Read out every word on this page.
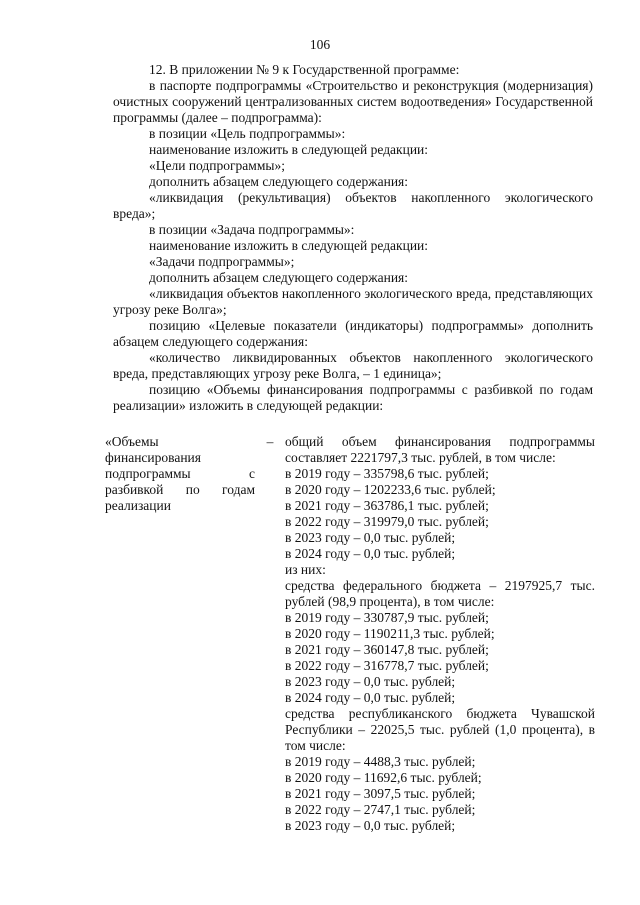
106

12. В приложении № 9 к Государственной программе:

в паспорте подпрограммы «Строительство и реконструкция (модернизация) очистных сооружений централизованных систем водоотведения» Государственной программы (далее – подпрограмма):

в позиции «Цель подпрограммы»:

наименование изложить в следующей редакции:

«Цели подпрограммы»;

дополнить абзацем следующего содержания:

«ликвидация (рекультивация) объектов накопленного экологического вреда»;

в позиции «Задача подпрограммы»:

наименование изложить в следующей редакции:

«Задачи подпрограммы»;

дополнить абзацем следующего содержания:

«ликвидация объектов накопленного экологического вреда, представляющих угрозу реке Волга»;

позицию «Целевые показатели (индикаторы) подпрограммы» дополнить абзацем следующего содержания:

«количество ликвидированных объектов накопленного экологического вреда, представляющих угрозу реке Волга, – 1 единица»;

позицию «Объемы финансирования подпрограммы с разбивкой по годам реализации» изложить в следующей редакции:

«Объемы финансирования подпрограммы с разбивкой по годам реализации
– общий объем финансирования подпрограммы составляет 2221797,3 тыс. рублей, в том числе:

в 2019 году – 335798,6 тыс. рублей;

в 2020 году – 1202233,6 тыс. рублей;

в 2021 году – 363786,1 тыс. рублей;

в 2022 году – 319979,0 тыс. рублей;

в 2023 году – 0,0 тыс. рублей;

в 2024 году – 0,0 тыс. рублей;

из них:

средства федерального бюджета – 2197925,7 тыс. рублей (98,9 процента), в том числе:

в 2019 году – 330787,9 тыс. рублей;

в 2020 году – 1190211,3 тыс. рублей;

в 2021 году – 360147,8 тыс. рублей;

в 2022 году – 316778,7 тыс. рублей;

в 2023 году – 0,0 тыс. рублей;

в 2024 году – 0,0 тыс. рублей;

средства республиканского бюджета Чувашской Республики – 22025,5 тыс. рублей (1,0 процента), в том числе:

в 2019 году – 4488,3 тыс. рублей;

в 2020 году – 11692,6 тыс. рублей;

в 2021 году – 3097,5 тыс. рублей;

в 2022 году – 2747,1 тыс. рублей;

в 2023 году – 0,0 тыс. рублей;
